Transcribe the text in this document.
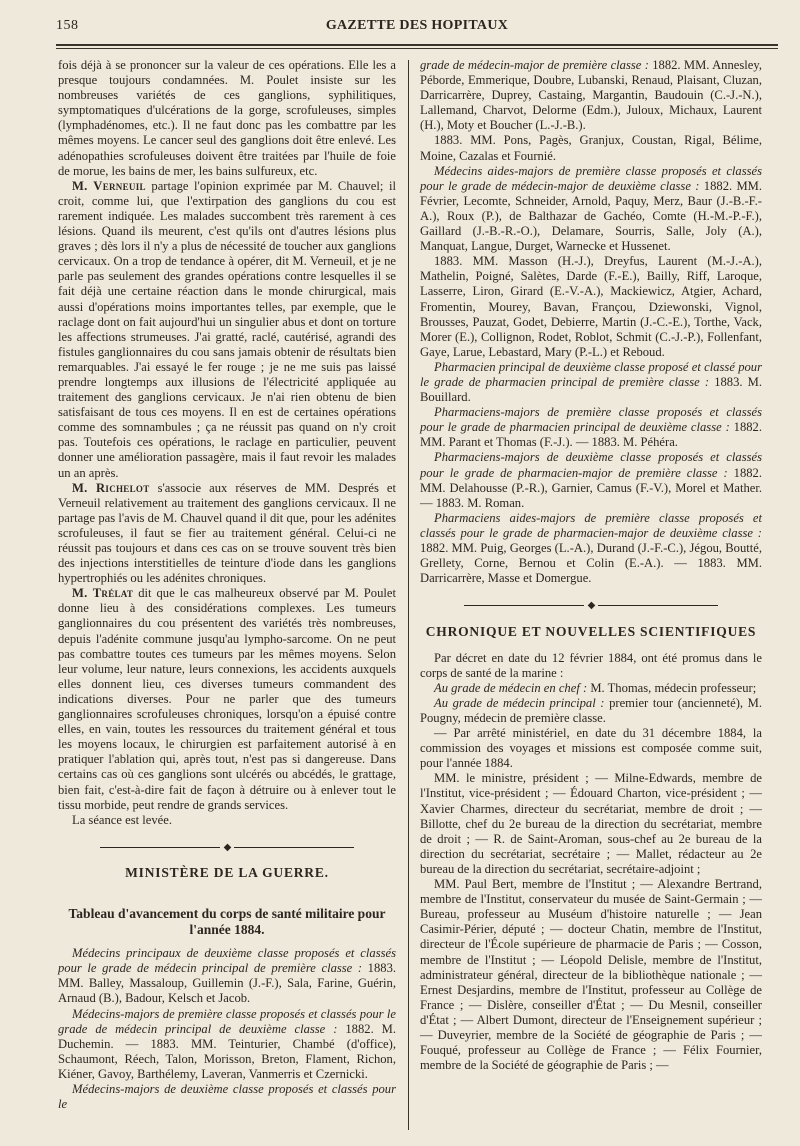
158	GAZETTE DES HOPITAUX

fois déjà à se prononcer sur la valeur de ces opérations. Elle les a presque toujours condamnées. M. Poulet insiste sur les nombreuses variétés de ces ganglions, syphilitiques, symptomatiques d'ulcérations de la gorge, scrofuleuses, simples (lymphadénomes, etc.). Il ne faut donc pas les combattre par les mêmes moyens. Le cancer seul des ganglions doit être enlevé. Les adénopathies scrofuleuses doivent être traitées par l'huile de foie de morue, les bains de mer, les bains sulfureux, etc.

M. Verneuil partage l'opinion exprimée par M. Chauvel; il croit, comme lui, que l'extirpation des ganglions du cou est rarement indiquée. Les malades succombent très rarement à ces lésions. Quand ils meurent, c'est qu'ils ont d'autres lésions plus graves ; dès lors il n'y a plus de nécessité de toucher aux ganglions cervicaux. On a trop de tendance à opérer, dit M. Verneuil, et je ne parle pas seulement des grandes opérations contre lesquelles il se fait déjà une certaine réaction dans le monde chirurgical, mais aussi d'opérations moins importantes telles, par exemple, que le raclage dont on fait aujourd'hui un singulier abus et dont on torture les affections strumeuses. J'ai gratté, raclé, cautérisé, agrandi des fistules ganglionnaires du cou sans jamais obtenir de résultats bien remarquables. J'ai essayé le fer rouge ; je ne me suis pas laissé prendre longtemps aux illusions de l'électricité appliquée au traitement des ganglions cervicaux. Je n'ai rien obtenu de bien satisfaisant de tous ces moyens. Il en est de certaines opérations comme des somnambules ; ça ne réussit pas quand on n'y croit pas. Toutefois ces opérations, le raclage en particulier, peuvent donner une amélioration passagère, mais il faut revoir les malades un an après.

M. Richelot s'associe aux réserves de MM. Després et Verneuil relativement au traitement des ganglions cervicaux. Il ne partage pas l'avis de M. Chauvel quand il dit que, pour les adénites scrofuleuses, il faut se fier au traitement général. Celui-ci ne réussit pas toujours et dans ces cas on se trouve souvent très bien des injections interstitielles de teinture d'iode dans les ganglions hypertrophiés ou les adénites chroniques.

M. Trélat dit que le cas malheureux observé par M. Poulet donne lieu à des considérations complexes. Les tumeurs ganglionnaires du cou présentent des variétés très nombreuses, depuis l'adénite commune jusqu'au lympho-sarcome. On ne peut pas combattre toutes ces tumeurs par les mêmes moyens. Selon leur volume, leur nature, leurs connexions, les accidents auxquels elles donnent lieu, ces diverses tumeurs commandent des indications diverses. Pour ne parler que des tumeurs ganglionnaires scrofuleuses chroniques, lorsqu'on a épuisé contre elles, en vain, toutes les ressources du traitement général et tous les moyens locaux, le chirurgien est parfaitement autorisé à en pratiquer l'ablation qui, après tout, n'est pas si dangereuse. Dans certains cas où ces ganglions sont ulcérés ou abcédés, le grattage, bien fait, c'est-à-dire fait de façon à détruire ou à enlever tout le tissu morbide, peut rendre de grands services.

La séance est levée.

◆
MINISTÈRE DE LA GUERRE.
Tableau d'avancement du corps de santé militaire pour l'année 1884.

Médecins principaux de deuxième classe proposés et classés pour le grade de médecin principal de première classe : 1883. MM. Balley, Massaloup, Guillemin (J.-F.), Sala, Farine, Guérin, Arnaud (B.), Badour, Kelsch et Jacob.

Médecins-majors de première classe proposés et classés pour le grade de médecin principal de deuxième classe : 1882. M. Duchemin. — 1883. MM. Teinturier, Chambé (d'office), Schaumont, Réech, Talon, Morisson, Breton, Flament, Richon, Kiéner, Gavoy, Barthélemy, Laveran, Vanmerris et Czernicki.

Médecins-majors de deuxième classe proposés et classés pour le

grade de médecin-major de première classe : 1882. MM. Annesley, Péborde, Emmerique, Doubre, Lubanski, Renaud, Plaisant, Cluzan, Darricarrère, Duprey, Castaing, Margantin, Baudouin (C.-J.-N.), Lallemand, Charvot, Delorme (Edm.), Juloux, Michaux, Laurent (H.), Moty et Boucher (L.-J.-B.).

1883. MM. Pons, Pagès, Granjux, Coustan, Rigal, Bélime, Moine, Cazalas et Fournié.

Médecins aides-majors de première classe proposés et classés pour le grade de médecin-major de deuxième classe : 1882. MM. Février, Lecomte, Schneider, Arnold, Paquy, Merz, Baur (J.-B.-F.-A.), Roux (P.), de Balthazar de Gachéo, Comte (H.-M.-P.-F.), Gaillard (J.-B.-R.-O.), Delamare, Sourris, Salle, Joly (A.), Manquat, Langue, Durget, Warnecke et Hussenet.

1883. MM. Masson (H.-J.), Dreyfus, Laurent (M.-J.-A.), Mathelin, Poigné, Salètes, Darde (F.-E.), Bailly, Riff, Laroque, Lasserre, Liron, Girard (E.-V.-A.), Mackiewicz, Atgier, Achard, Fromentin, Mourey, Bavan, Françou, Dziewonski, Vignol, Brousses, Pauzat, Godet, Debierre, Martin (J.-C.-E.), Torthe, Vack, Morer (E.), Collignon, Rodet, Roblot, Schmit (C.-J.-P.), Follenfant, Gaye, Larue, Lebastard, Mary (P.-L.) et Reboud.

Pharmacien principal de deuxième classe proposé et classé pour le grade de pharmacien principal de première classe : 1883. M. Bouillard.

Pharmaciens-majors de première classe proposés et classés pour le grade de pharmacien principal de deuxième classe : 1882. MM. Parant et Thomas (F.-J.). — 1883. M. Péhéra.

Pharmaciens-majors de deuxième classe proposés et classés pour le grade de pharmacien-major de première classe : 1882. MM. Delahousse (P.-R.), Garnier, Camus (F.-V.), Morel et Mather. — 1883. M. Roman.

Pharmaciens aides-majors de première classe proposés et classés pour le grade de pharmacien-major de deuxième classe : 1882. MM. Puig, Georges (L.-A.), Durand (J.-F.-C.), Jégou, Boutté, Grellety, Corne, Bernou et Colin (E.-A.). — 1883. MM. Darricarrère, Masse et Domergue.

◆
CHRONIQUE ET NOUVELLES SCIENTIFIQUES

Par décret en date du 12 février 1884, ont été promus dans le corps de santé de la marine :

Au grade de médecin en chef : M. Thomas, médecin professeur;

Au grade de médecin principal : premier tour (ancienneté), M. Pougny, médecin de première classe.

— Par arrêté ministériel, en date du 31 décembre 1884, la commission des voyages et missions est composée comme suit, pour l'année 1884.

MM. le ministre, président ; — Milne-Edwards, membre de l'Institut, vice-président ; — Édouard Charton, vice-président ; — Xavier Charmes, directeur du secrétariat, membre de droit ; — Billotte, chef du 2e bureau de la direction du secrétariat, membre de droit ; — R. de Saint-Aroman, sous-chef au 2e bureau de la direction du secrétariat, secrétaire ; — Mallet, rédacteur au 2e bureau de la direction du secrétariat, secrétaire-adjoint ;

MM. Paul Bert, membre de l'Institut ; — Alexandre Bertrand, membre de l'Institut, conservateur du musée de Saint-Germain ; — Bureau, professeur au Muséum d'histoire naturelle ; — Jean Casimir-Périer, député ; — docteur Chatin, membre de l'Institut, directeur de l'École supérieure de pharmacie de Paris ; — Cosson, membre de l'Institut ; — Léopold Delisle, membre de l'Institut, administrateur général, directeur de la bibliothèque nationale ; — Ernest Desjardins, membre de l'Institut, professeur au Collège de France ; — Dislère, conseiller d'État ; — Du Mesnil, conseiller d'État ; — Albert Dumont, directeur de l'Enseignement supérieur ; — Duveyrier, membre de la Société de géographie de Paris ; — Fouqué, professeur au Collège de France ; — Félix Fournier, membre de la Société de géographie de Paris ; —
